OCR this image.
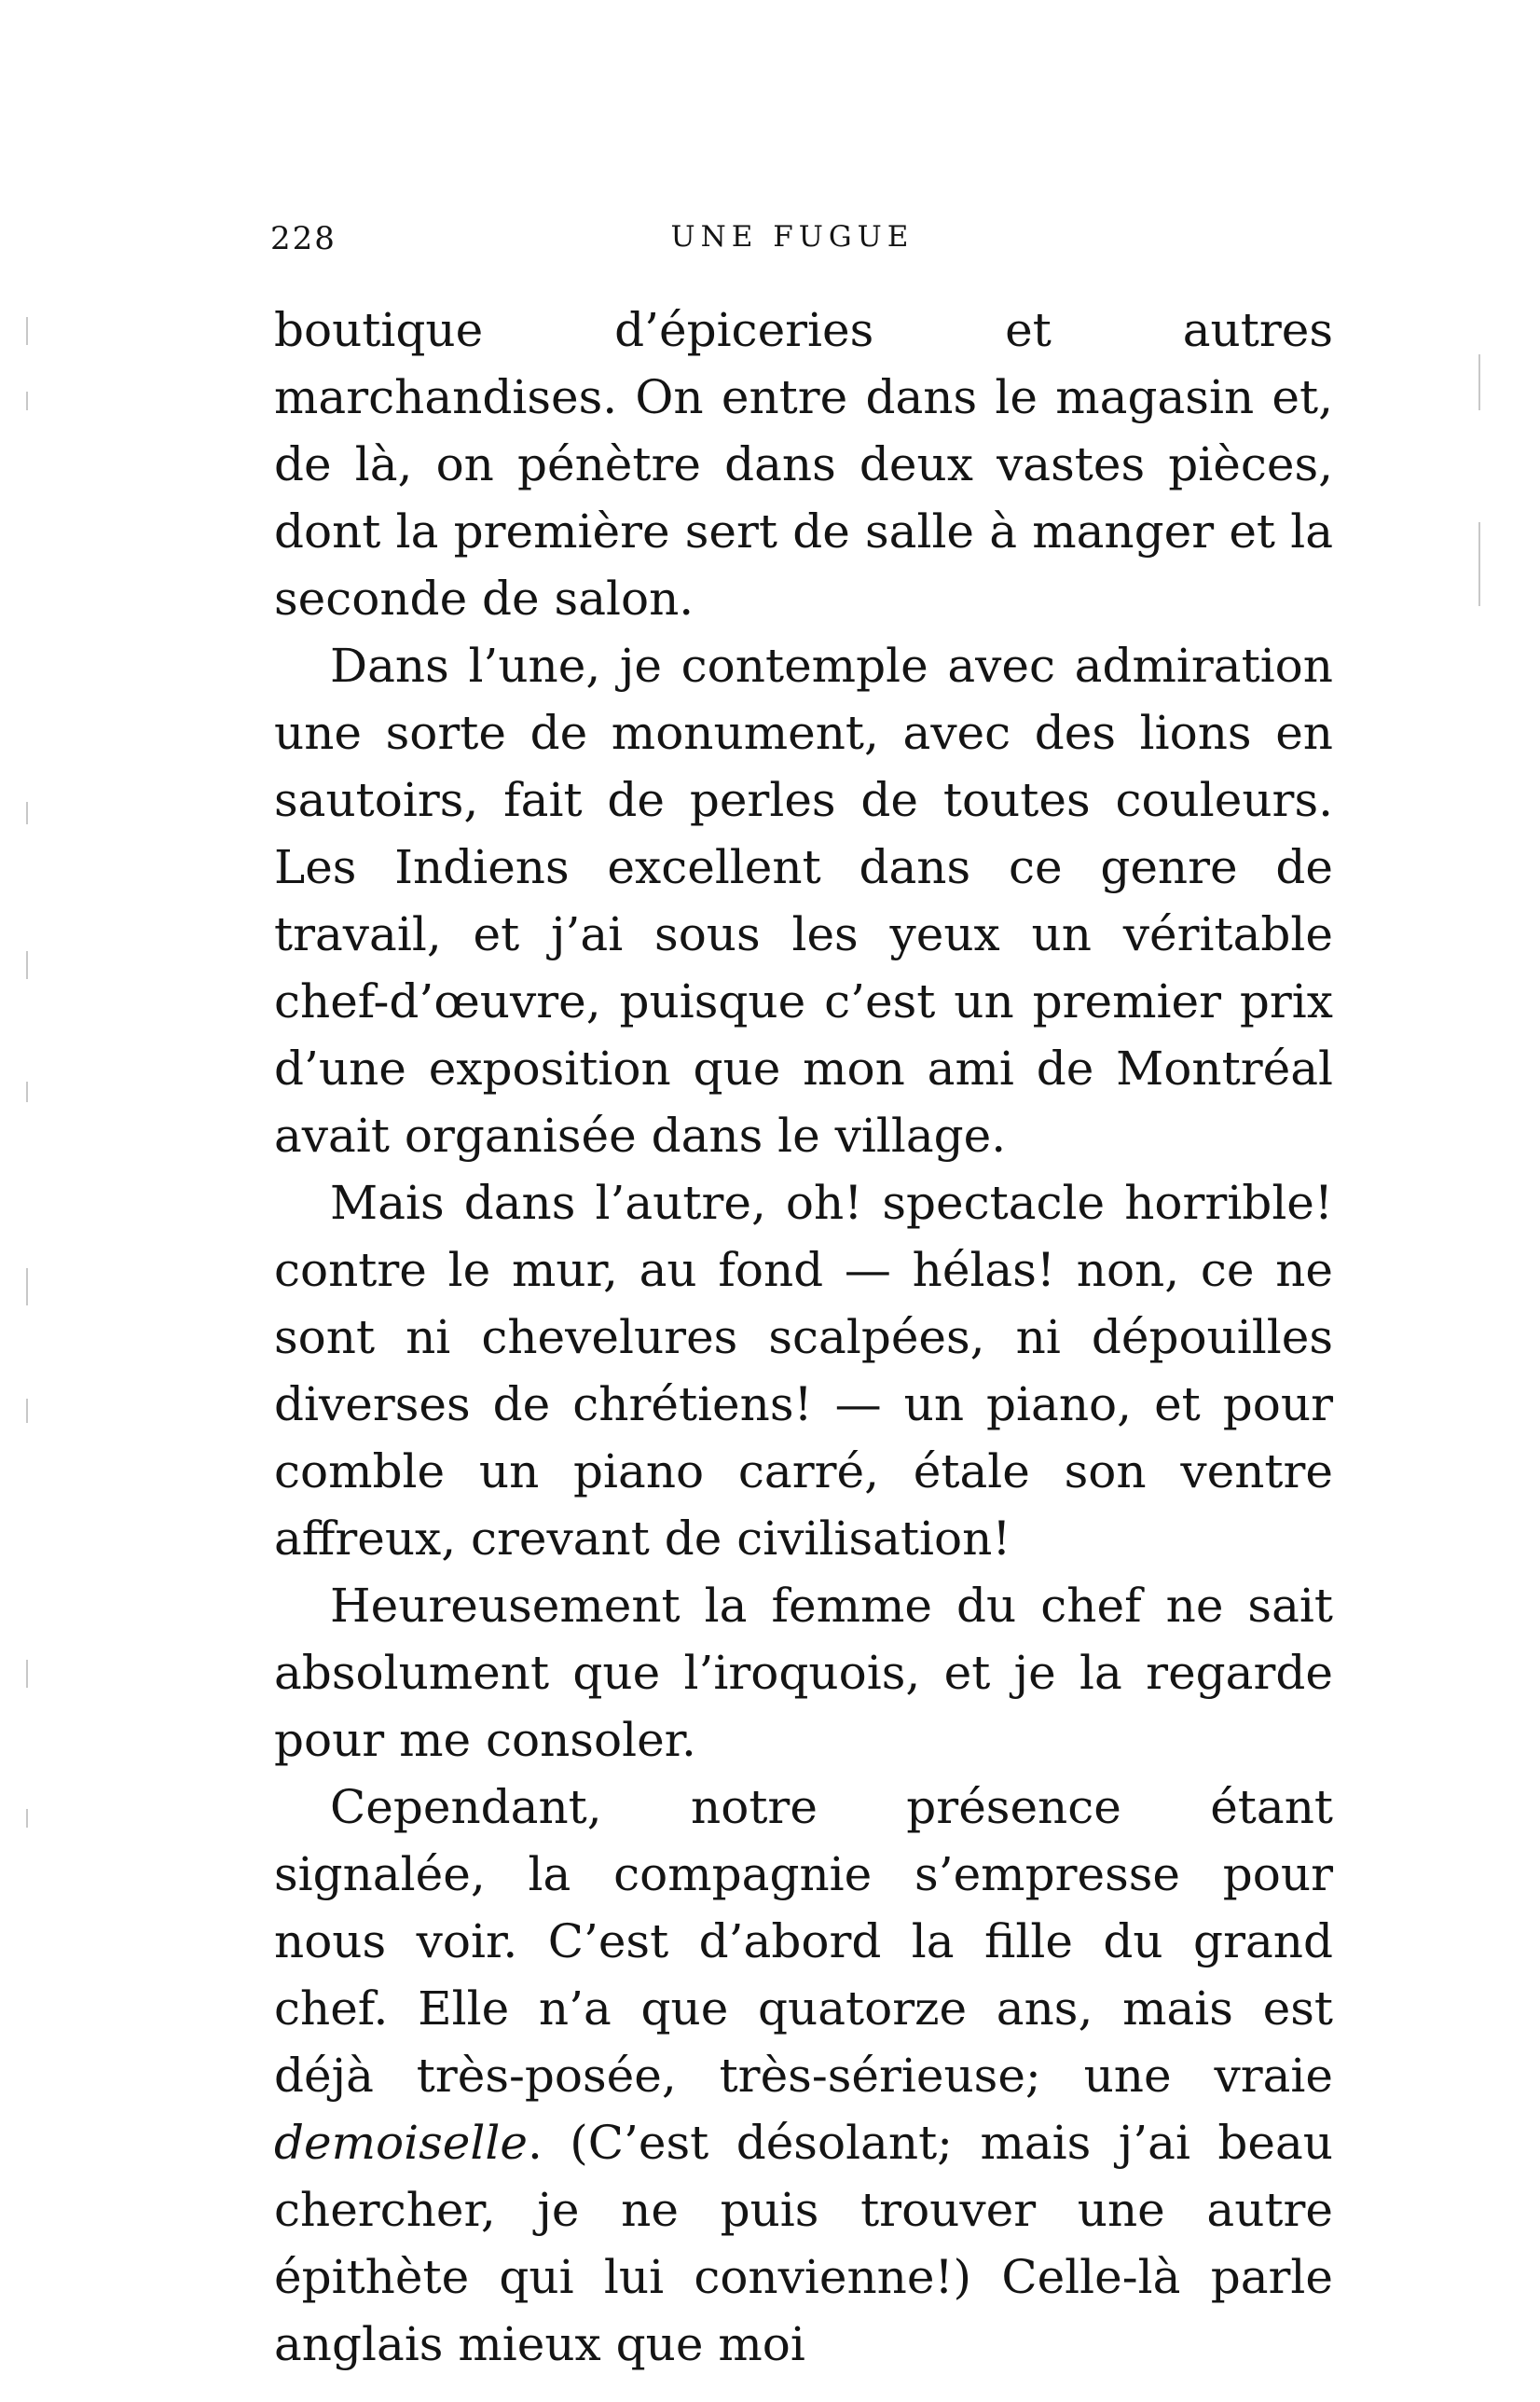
228	UNE FUGUE

boutique d’épiceries et autres marchandises. On entre dans le magasin et, de là, on pénètre dans deux vastes pièces, dont la première sert de salle à manger et la seconde de salon.

Dans l’une, je contemple avec admiration une sorte de monument, avec des lions en sautoirs, fait de perles de toutes couleurs. Les Indiens excellent dans ce genre de travail, et j’ai sous les yeux un véritable chef-d’œuvre, puisque c’est un premier prix d’une exposition que mon ami de Montréal avait organisée dans le village.

Mais dans l’autre, oh! spectacle horrible! contre le mur, au fond — hélas! non, ce ne sont ni chevelures scalpées, ni dépouilles diverses de chrétiens! — un piano, et pour comble un piano carré, étale son ventre affreux, crevant de civilisation!

Heureusement la femme du chef ne sait absolument que l’iroquois, et je la regarde pour me consoler.

Cependant, notre présence étant signalée, la compagnie s’empresse pour nous voir. C’est d’abord la fille du grand chef. Elle n’a que quatorze ans, mais est déjà très-posée, très-sérieuse; une vraie demoiselle. (C’est désolant; mais j’ai beau chercher, je ne puis trouver une autre épithète qui lui convienne!) Celle-là parle anglais mieux que moi
